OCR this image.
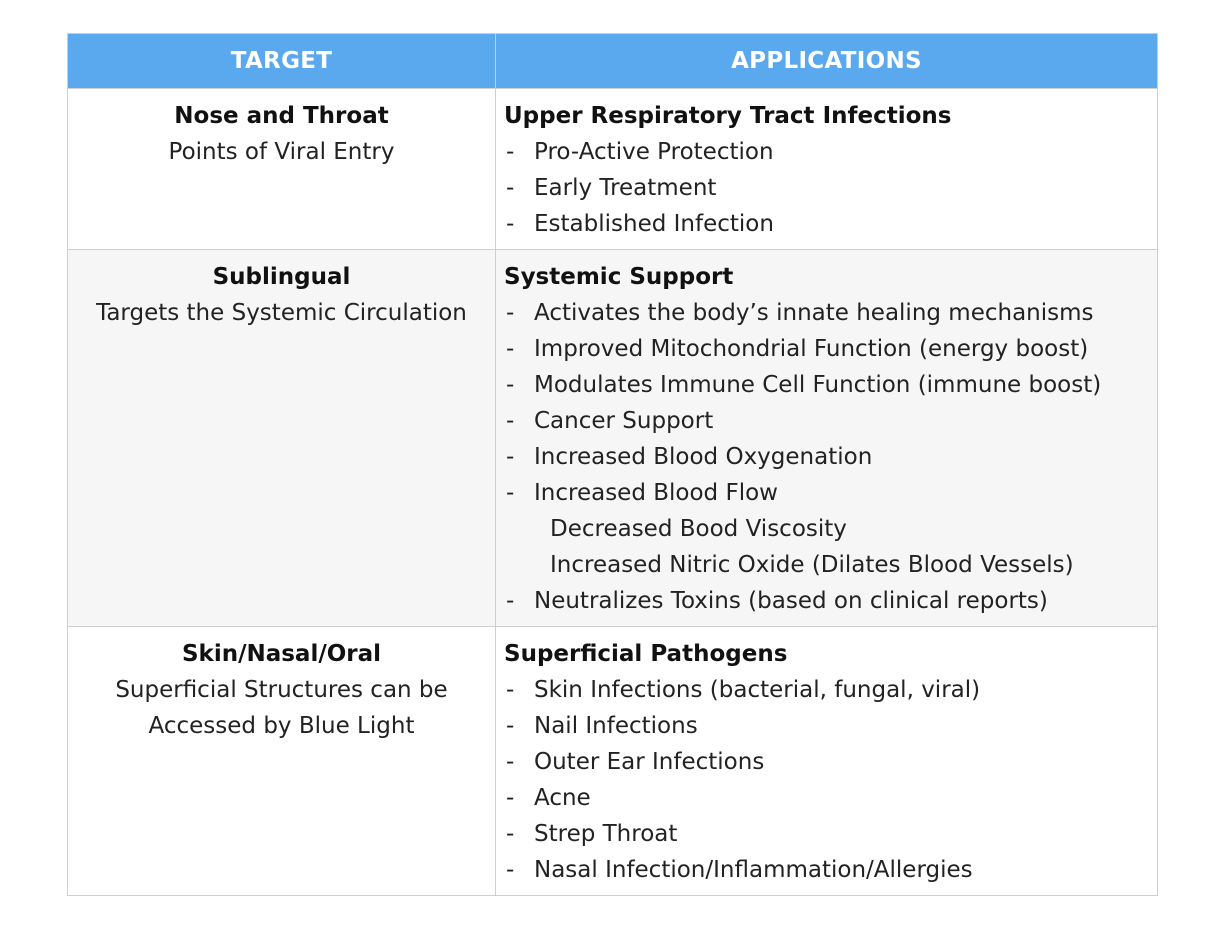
TARGET	APPLICATIONS
Nose and Throat
Points of Viral Entry
Upper Respiratory Tract Infections
- Pro-Active Protection
- Early Treatment
- Established Infection
Sublingual
Targets the Systemic Circulation
Systemic Support
- Activates the body’s innate healing mechanisms
- Improved Mitochondrial Function (energy boost)
- Modulates Immune Cell Function (immune boost)
- Cancer Support
- Increased Blood Oxygenation
- Increased Blood Flow
Decreased Bood Viscosity
Increased Nitric Oxide (Dilates Blood Vessels)
- Neutralizes Toxins (based on clinical reports)
Skin/Nasal/Oral
Superficial Structures can be
Accessed by Blue Light
Superficial Pathogens
- Skin Infections (bacterial, fungal, viral)
- Nail Infections
- Outer Ear Infections
- Acne
- Strep Throat
- Nasal Infection/Inflammation/Allergies
